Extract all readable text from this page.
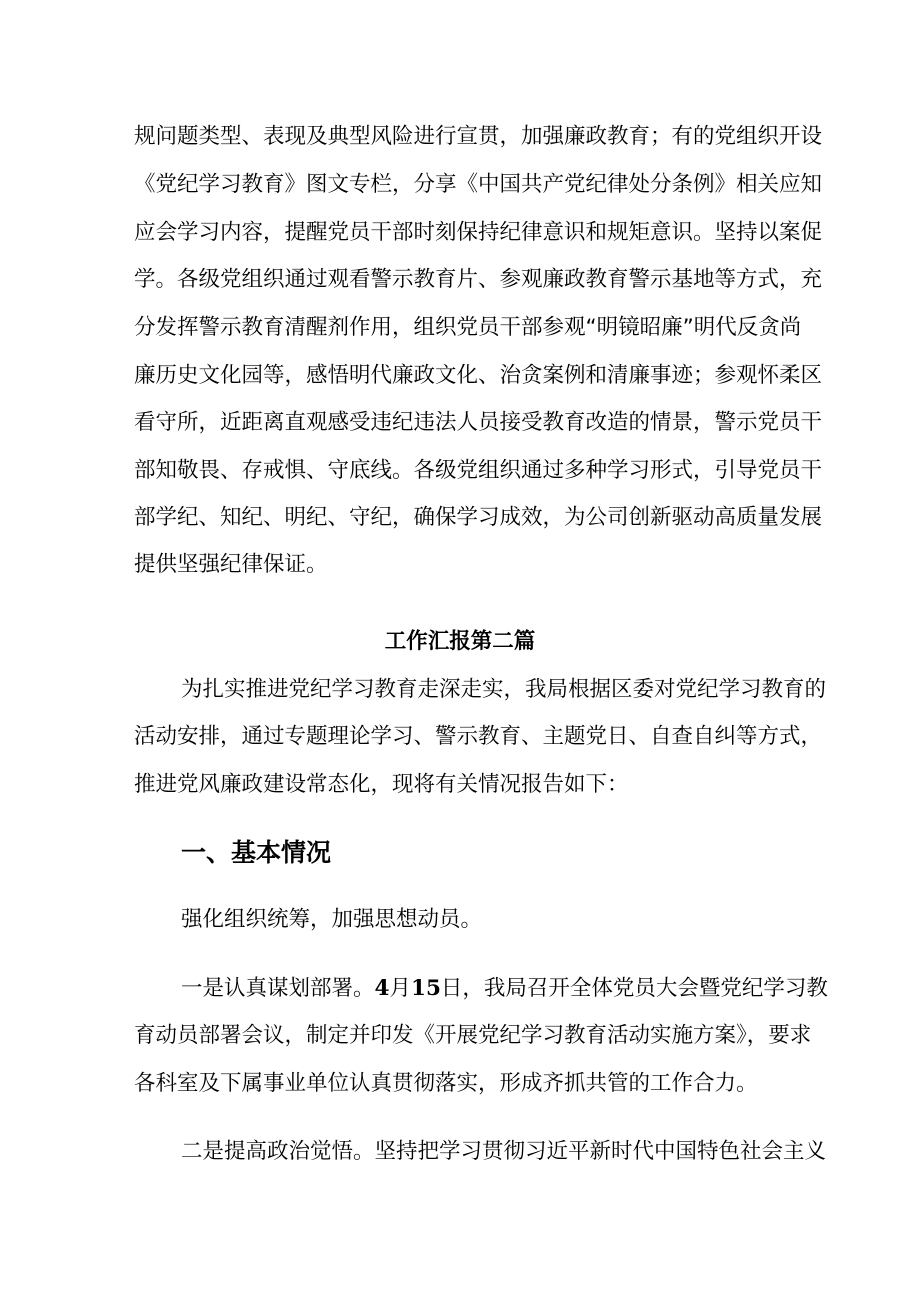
规问题类型、表现及典型风险进行宣贯，加强廉政教育；有的党组织开设

《党纪学习教育》图文专栏，分享《中国共产党纪律处分条例》相关应知

应会学习内容，提醒党员干部时刻保持纪律意识和规矩意识。坚持以案促

学。各级党组织通过观看警示教育片、参观廉政教育警示基地等方式，充

分发挥警示教育清醒剂作用，组织党员干部参观“明镜昭廉”明代反贪尚

廉历史文化园等，感悟明代廉政文化、治贪案例和清廉事迹；参观怀柔区

看守所，近距离直观感受违纪违法人员接受教育改造的情景，警示党员干

部知敬畏、存戒惧、守底线。各级党组织通过多种学习形式，引导党员干

部学纪、知纪、明纪、守纪，确保学习成效，为公司创新驱动高质量发展

提供坚强纪律保证。

工作汇报第二篇

为扎实推进党纪学习教育走深走实，我局根据区委对党纪学习教育的

活动安排，通过专题理论学习、警示教育、主题党日、自查自纠等方式，

推进党风廉政建设常态化，现将有关情况报告如下：

一、基本情况

强化组织统筹，加强思想动员。

一是认真谋划部署。4月15日，我局召开全体党员大会暨党纪学习教

育动员部署会议，制定并印发《开展党纪学习教育活动实施方案》，要求

各科室及下属事业单位认真贯彻落实，形成齐抓共管的工作合力。

二是提高政治觉悟。坚持把学习贯彻习近平新时代中国特色社会主义
